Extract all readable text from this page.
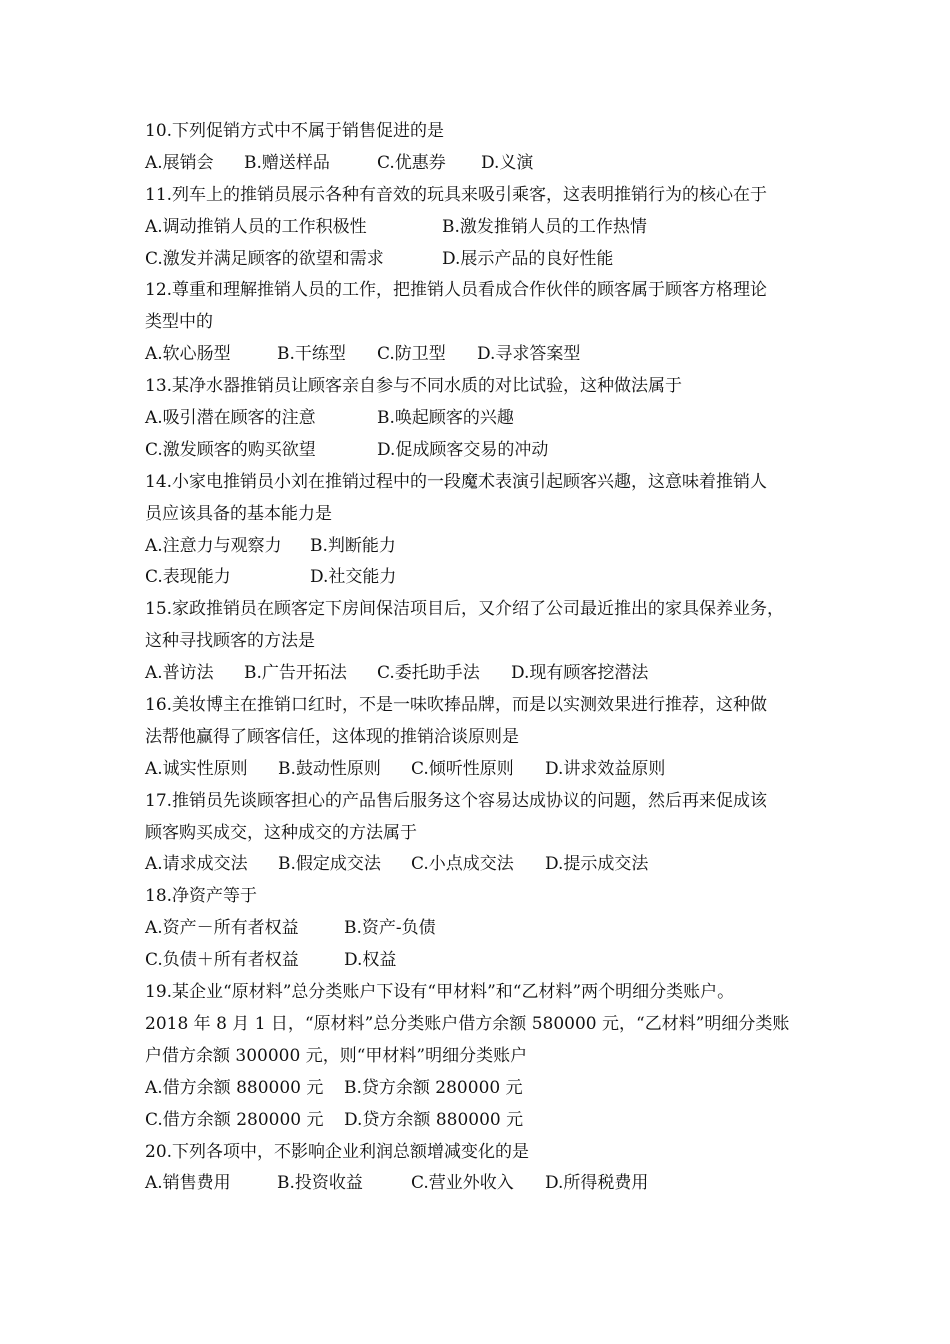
10.下列促销方式中不属于销售促进的是
A.展销会 B.赠送样品	C.优惠券 D.义演
11.列车上的推销员展示各种有音效的玩具来吸引乘客，这表明推销行为的核心在于
A.调动推销人员的工作积极性	B.激发推销人员的工作热情
C.激发并满足顾客的欲望和需求	D.展示产品的良好性能
12.尊重和理解推销人员的工作，把推销人员看成合作伙伴的顾客属于顾客方格理论
类型中的
A.软心肠型	B.干练型 C.防卫型 D.寻求答案型
13.某净水器推销员让顾客亲自参与不同水质的对比试验，这种做法属于
A.吸引潜在顾客的注意	B.唤起顾客的兴趣
C.激发顾客的购买欲望	D.促成顾客交易的冲动
14.小家电推销员小刘在推销过程中的一段魔术表演引起顾客兴趣，这意味着推销人
员应该具备的基本能力是
A.注意力与观察力 B.判断能力
C.表现能力	D.社交能力
15.家政推销员在顾客定下房间保洁项目后，又介绍了公司最近推出的家具保养业务，
这种寻找顾客的方法是
A.普访法 B.广告开拓法 C.委托助手法 D.现有顾客挖潜法
16.美妆博主在推销口红时，不是一味吹捧品牌，而是以实测效果进行推荐，这种做
法帮他赢得了顾客信任，这体现的推销洽谈原则是
A.诚实性原则 B.鼓动性原则 C.倾听性原则 D.讲求效益原则
17.推销员先谈顾客担心的产品售后服务这个容易达成协议的问题，然后再来促成该
顾客购买成交，这种成交的方法属于
A.请求成交法 B.假定成交法 C.小点成交法 D.提示成交法
18.净资产等于
A.资产－所有者权益	B.资产-负债
C.负债＋所有者权益	D.权益
19.某企业“原材料”总分类账户下设有“甲材料”和“乙材料”两个明细分类账户。
2018 年 8 月 1 日，“原材料”总分类账户借方余额 580000 元，“乙材料”明细分类账
户借方余额 300000 元，则“甲材料”明细分类账户
A.借方余额 880000 元 B.贷方余额 280000 元
C.借方余额 280000 元 D.贷方余额 880000 元
20.下列各项中，不影响企业利润总额增减变化的是
A.销售费用	B.投资收益	C.营业外收入 D.所得税费用
